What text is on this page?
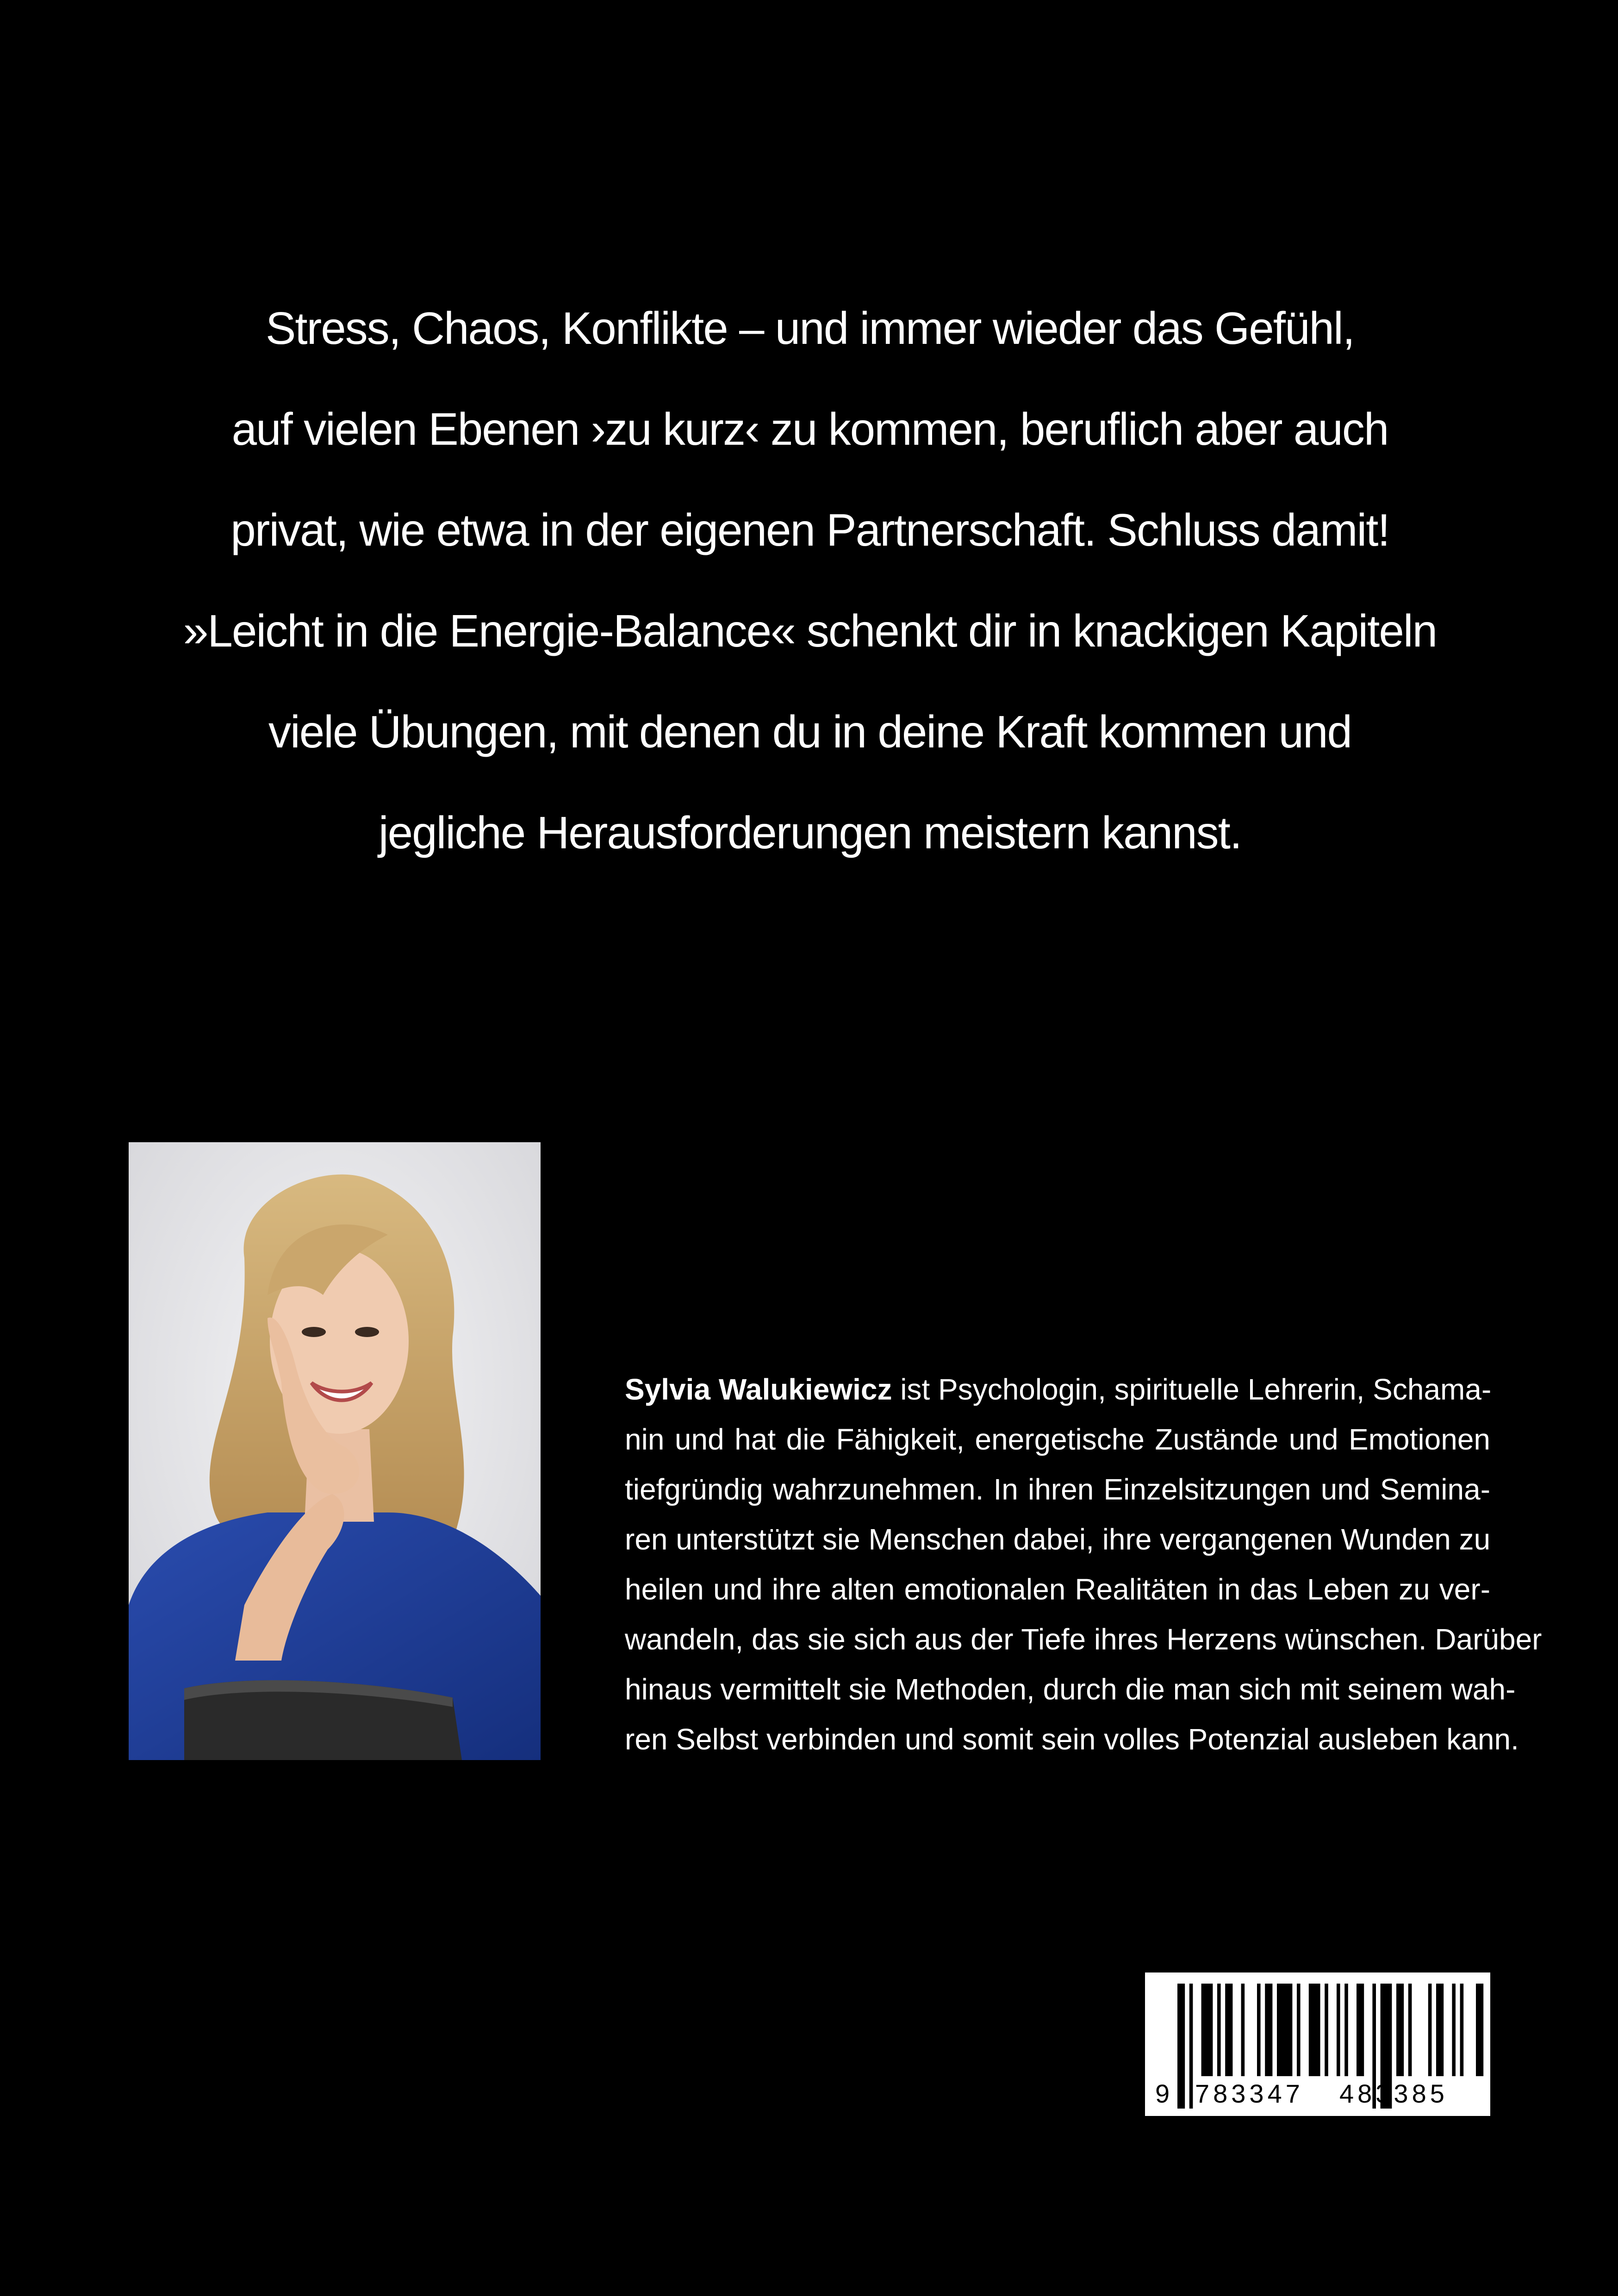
Stress, Chaos, Konflikte – und immer wieder das Gefühl,
auf vielen Ebenen ›zu kurz‹ zu kommen, beruflich aber auch
privat, wie etwa in der eigenen Partnerschaft. Schluss damit!
»Leicht in die Energie-Balance« schenkt dir in knackigen Kapiteln
viele Übungen, mit denen du in deine Kraft kommen und
jegliche Herausforderungen meistern kannst.
Sylvia Walukiewicz ist Psychologin, spirituelle Lehrerin, Schama-
nin und hat die Fähigkeit, energetische Zustände und Emotionen
tiefgründig wahrzunehmen. In ihren Einzelsitzungen und Semina-
ren unterstützt sie Menschen dabei, ihre vergangenen Wunden zu
heilen und ihre alten emotionalen Realitäten in das Leben zu ver-
wandeln, das sie sich aus der Tiefe ihres Herzens wünschen. Darüber
hinaus vermittelt sie Methoden, durch die man sich mit seinem wah-
ren Selbst verbinden und somit sein volles Potenzial ausleben kann.
9 783347 483385
